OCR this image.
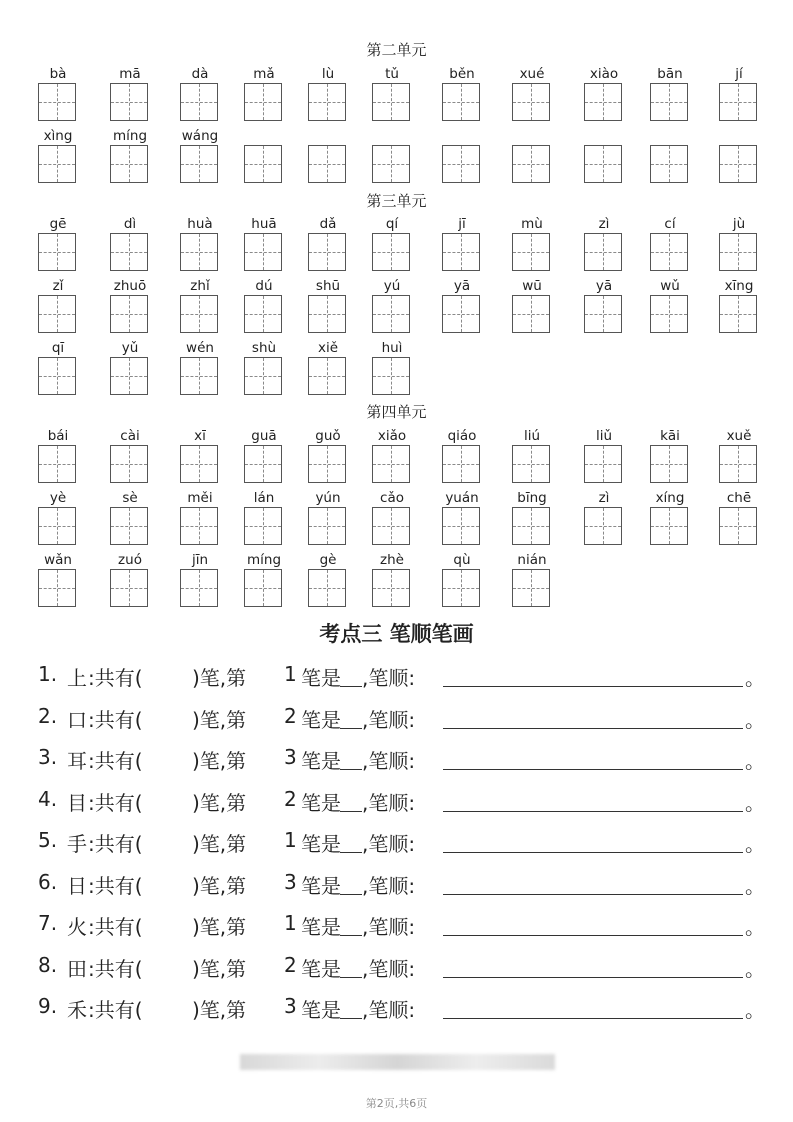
第二单元
bà	mā	dà	mǎ	lù	tǔ	běn	xué	xiào	bān	jí
xìng	míng	wáng
第三单元
gē	dì	huà	huā	dǎ	qí	jī	mù	zì	cí	jù
zǐ	zhuō	zhǐ	dú	shū	yú	yā	wū	yā	wǔ	xīng
qī	yǔ	wén	shù	xiě	huì
第四单元
bái	cài	xī	guā	guǒ	xiǎo	qiáo	liú	liǔ	kāi	xuě
yè	sè	měi	lán	yún	cǎo	yuán	bīng	zì	xíng	chē
wǎn	zuó	jīn	míng	gè	zhè	qù	nián
考点三 笔顺笔画
1. 上 :共有( )笔,第 1 笔是 ,笔顺:	。
2. 口 :共有( )笔,第 2 笔是 ,笔顺:	。
3. 耳 :共有( )笔,第 3 笔是 ,笔顺:	。
4. 目 :共有( )笔,第 2 笔是 ,笔顺:	。
5. 手 :共有( )笔,第 1 笔是 ,笔顺:	。
6. 日 :共有( )笔,第 3 笔是 ,笔顺:	。
7. 火 :共有( )笔,第 1 笔是 ,笔顺:	。
8. 田 :共有( )笔,第 2 笔是 ,笔顺:	。
9. 禾 :共有( )笔,第 3 笔是 ,笔顺:	。
第2页,共6页
